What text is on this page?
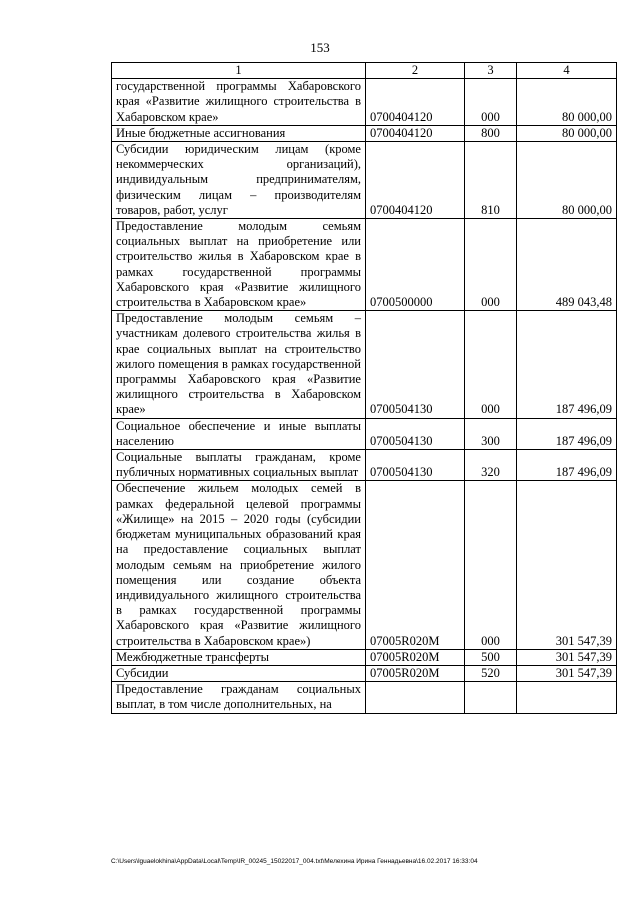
153
1	2	3	4
государственной программы Хабаровского края «Развитие жилищного строительства в Хабаровском крае»	0700404120	000	80 000,00
Иные бюджетные ассигнования	0700404120	800	80 000,00
Субсидии юридическим лицам (кроме некоммерческих организаций), индивидуальным предпринимателям, физическим лицам – производителям товаров, работ, услуг	0700404120	810	80 000,00
Предоставление молодым семьям социальных выплат на приобретение или строительство жилья в Хабаровском крае в рамках государственной программы Хабаровского края «Развитие жилищного строительства в Хабаровском крае»	0700500000	000	489 043,48
Предоставление молодым семьям – участникам долевого строительства жилья в крае социальных выплат на строительство жилого помещения в рамках государственной программы Хабаровского края «Развитие жилищного строительства в Хабаровском крае»	0700504130	000	187 496,09
Социальное обеспечение и иные выплаты населению	0700504130	300	187 496,09
Социальные выплаты гражданам, кроме публичных нормативных социальных выплат	0700504130	320	187 496,09
Обеспечение жильем молодых семей в рамках федеральной целевой программы «Жилище» на 2015 – 2020 годы (субсидии бюджетам муниципальных образований края на предоставление социальных выплат молодым семьям на приобретение жилого помещения или создание объекта индивидуального жилищного строительства в рамках государственной программы Хабаровского края «Развитие жилищного строительства в Хабаровском крае»)	07005R020M	000	301 547,39
Межбюджетные трансферты	07005R020M	500	301 547,39
Субсидии	07005R020M	520	301 547,39
Предоставление гражданам социальных выплат, в том числе дополнительных, на			
C:\Users\lguaelokhina\AppData\Local\Temp\IR_00245_15022017_004.txt\Мелехина Ирина Геннадьевна\16.02.2017 16:33:04
